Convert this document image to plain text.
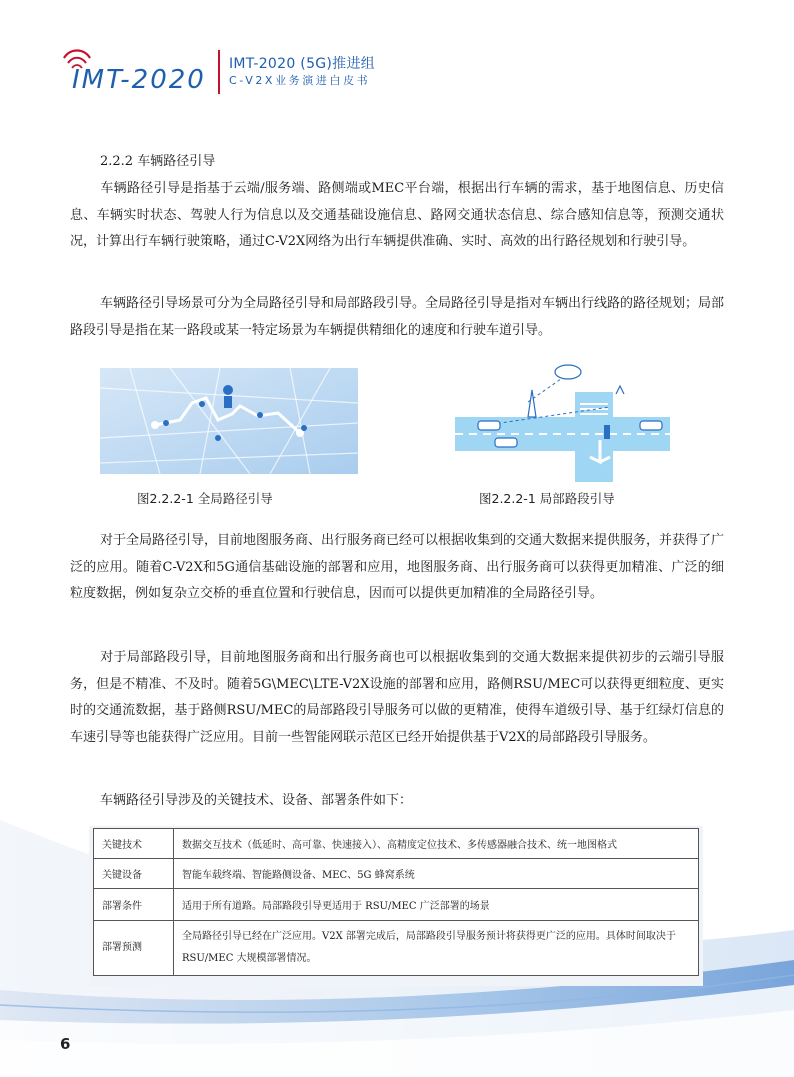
IMT-2020
IMT-2020 (5G)推进组
C-V2X业务演进白皮书
2.2.2 车辆路径引导

车辆路径引导是指基于云端/服务端、路侧端或MEC平台端，根据出行车辆的需求，基于地图信息、历史信息、车辆实时状态、驾驶人行为信息以及交通基础设施信息、路网交通状态信息、综合感知信息等，预测交通状况，计算出行车辆行驶策略，通过C-V2X网络为出行车辆提供准确、实时、高效的出行路径规划和行驶引导。

车辆路径引导场景可分为全局路径引导和局部路段引导。全局路径引导是指对车辆出行线路的路径规划；局部路段引导是指在某一路段或某一特定场景为车辆提供精细化的速度和行驶车道引导。

图2.2.2-1 全局路径引导	图2.2.2-1 局部路段引导

对于全局路径引导，目前地图服务商、出行服务商已经可以根据收集到的交通大数据来提供服务，并获得了广泛的应用。随着C-V2X和5G通信基础设施的部署和应用，地图服务商、出行服务商可以获得更加精准、广泛的细粒度数据，例如复杂立交桥的垂直位置和行驶信息，因而可以提供更加精准的全局路径引导。

对于局部路段引导，目前地图服务商和出行服务商也可以根据收集到的交通大数据来提供初步的云端引导服务，但是不精准、不及时。随着5G\MEC\LTE-V2X设施的部署和应用，路侧RSU/MEC可以获得更细粒度、更实时的交通流数据，基于路侧RSU/MEC的局部路段引导服务可以做的更精准，使得车道级引导、基于红绿灯信息的车速引导等也能获得广泛应用。目前一些智能网联示范区已经开始提供基于V2X的局部路段引导服务。

车辆路径引导涉及的关键技术、设备、部署条件如下：

关键技术	数据交互技术（低延时、高可靠、快速接入）、高精度定位技术、多传感器融合技术、统一地图格式
关键设备	智能车载终端、智能路侧设备、MEC、5G 蜂窝系统
部署条件	适用于所有道路。局部路段引导更适用于 RSU/MEC 广泛部署的场景
部署预测	全局路径引导已经在广泛应用。V2X 部署完成后，局部路段引导服务预计将获得更广泛的应用。具体时间取决于 RSU/MEC 大规模部署情况。
6
